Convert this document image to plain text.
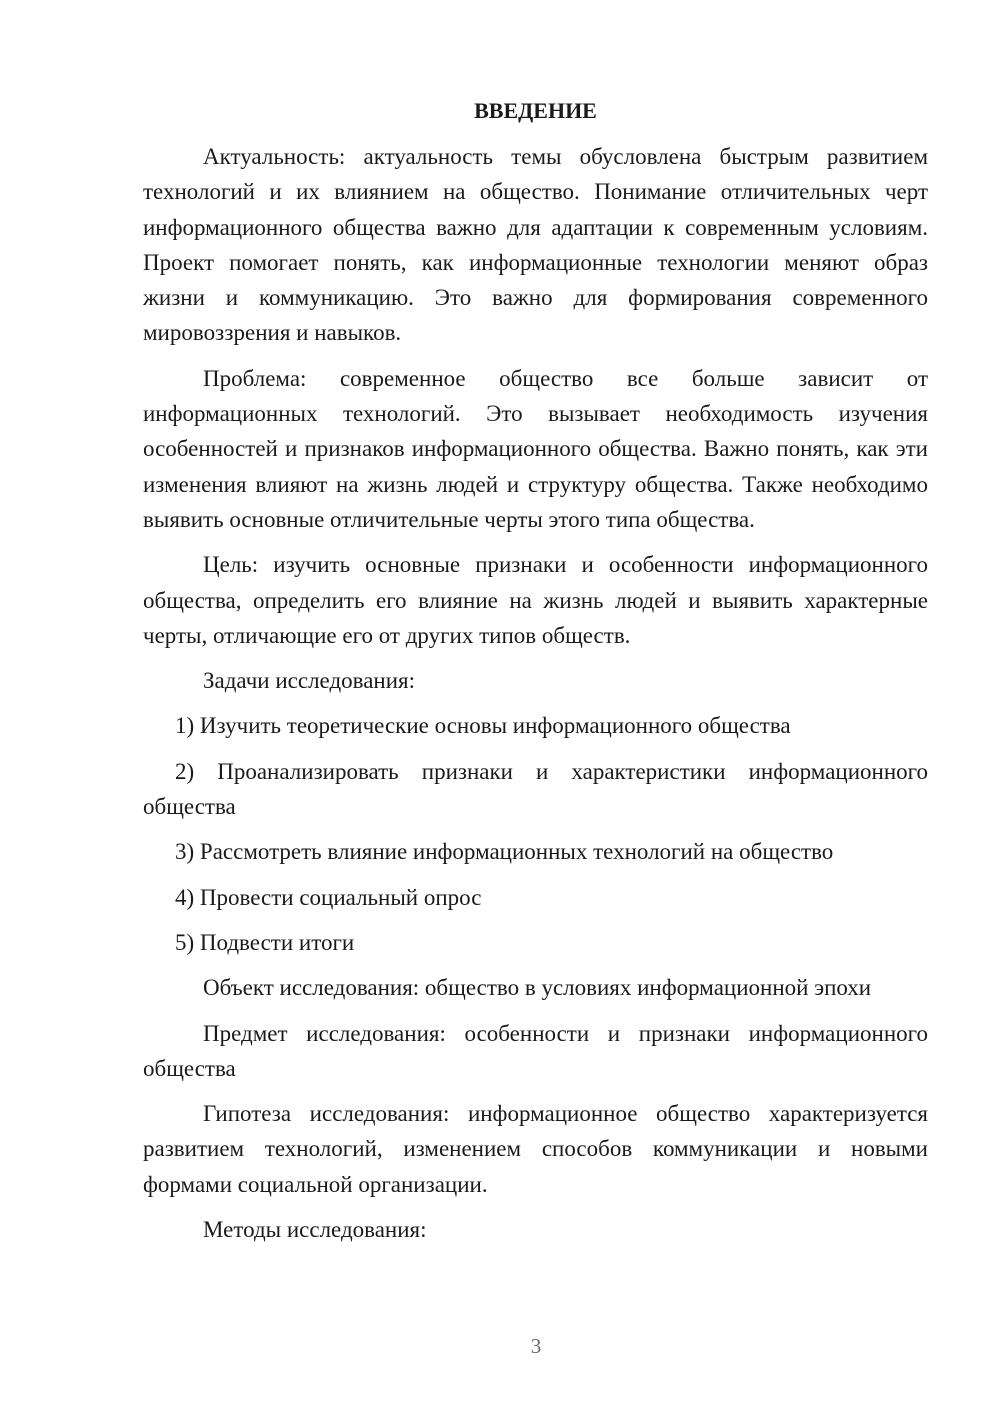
ВВЕДЕНИЕ

Актуальность: актуальность темы обусловлена быстрым развитием технологий и их влиянием на общество. Понимание отличительных черт информационного общества важно для адаптации к современным условиям. Проект помогает понять, как информационные технологии меняют образ жизни и коммуникацию. Это важно для формирования современного мировоззрения и навыков.

Проблема: современное общество все больше зависит от информационных технологий. Это вызывает необходимость изучения особенностей и признаков информационного общества. Важно понять, как эти изменения влияют на жизнь людей и структуру общества. Также необходимо выявить основные отличительные черты этого типа общества.

Цель: изучить основные признаки и особенности информационного общества, определить его влияние на жизнь людей и выявить характерные черты, отличающие его от других типов обществ.

Задачи исследования:

1) Изучить теоретические основы информационного общества

2) Проанализировать признаки и характеристики информационного общества

3) Рассмотреть влияние информационных технологий на общество

4) Провести социальный опрос

5) Подвести итоги

Объект исследования: общество в условиях информационной эпохи

Предмет исследования: особенности и признаки информационного общества

Гипотеза исследования: информационное общество характеризуется развитием технологий, изменением способов коммуникации и новыми формами социальной организации.

Методы исследования:

3
